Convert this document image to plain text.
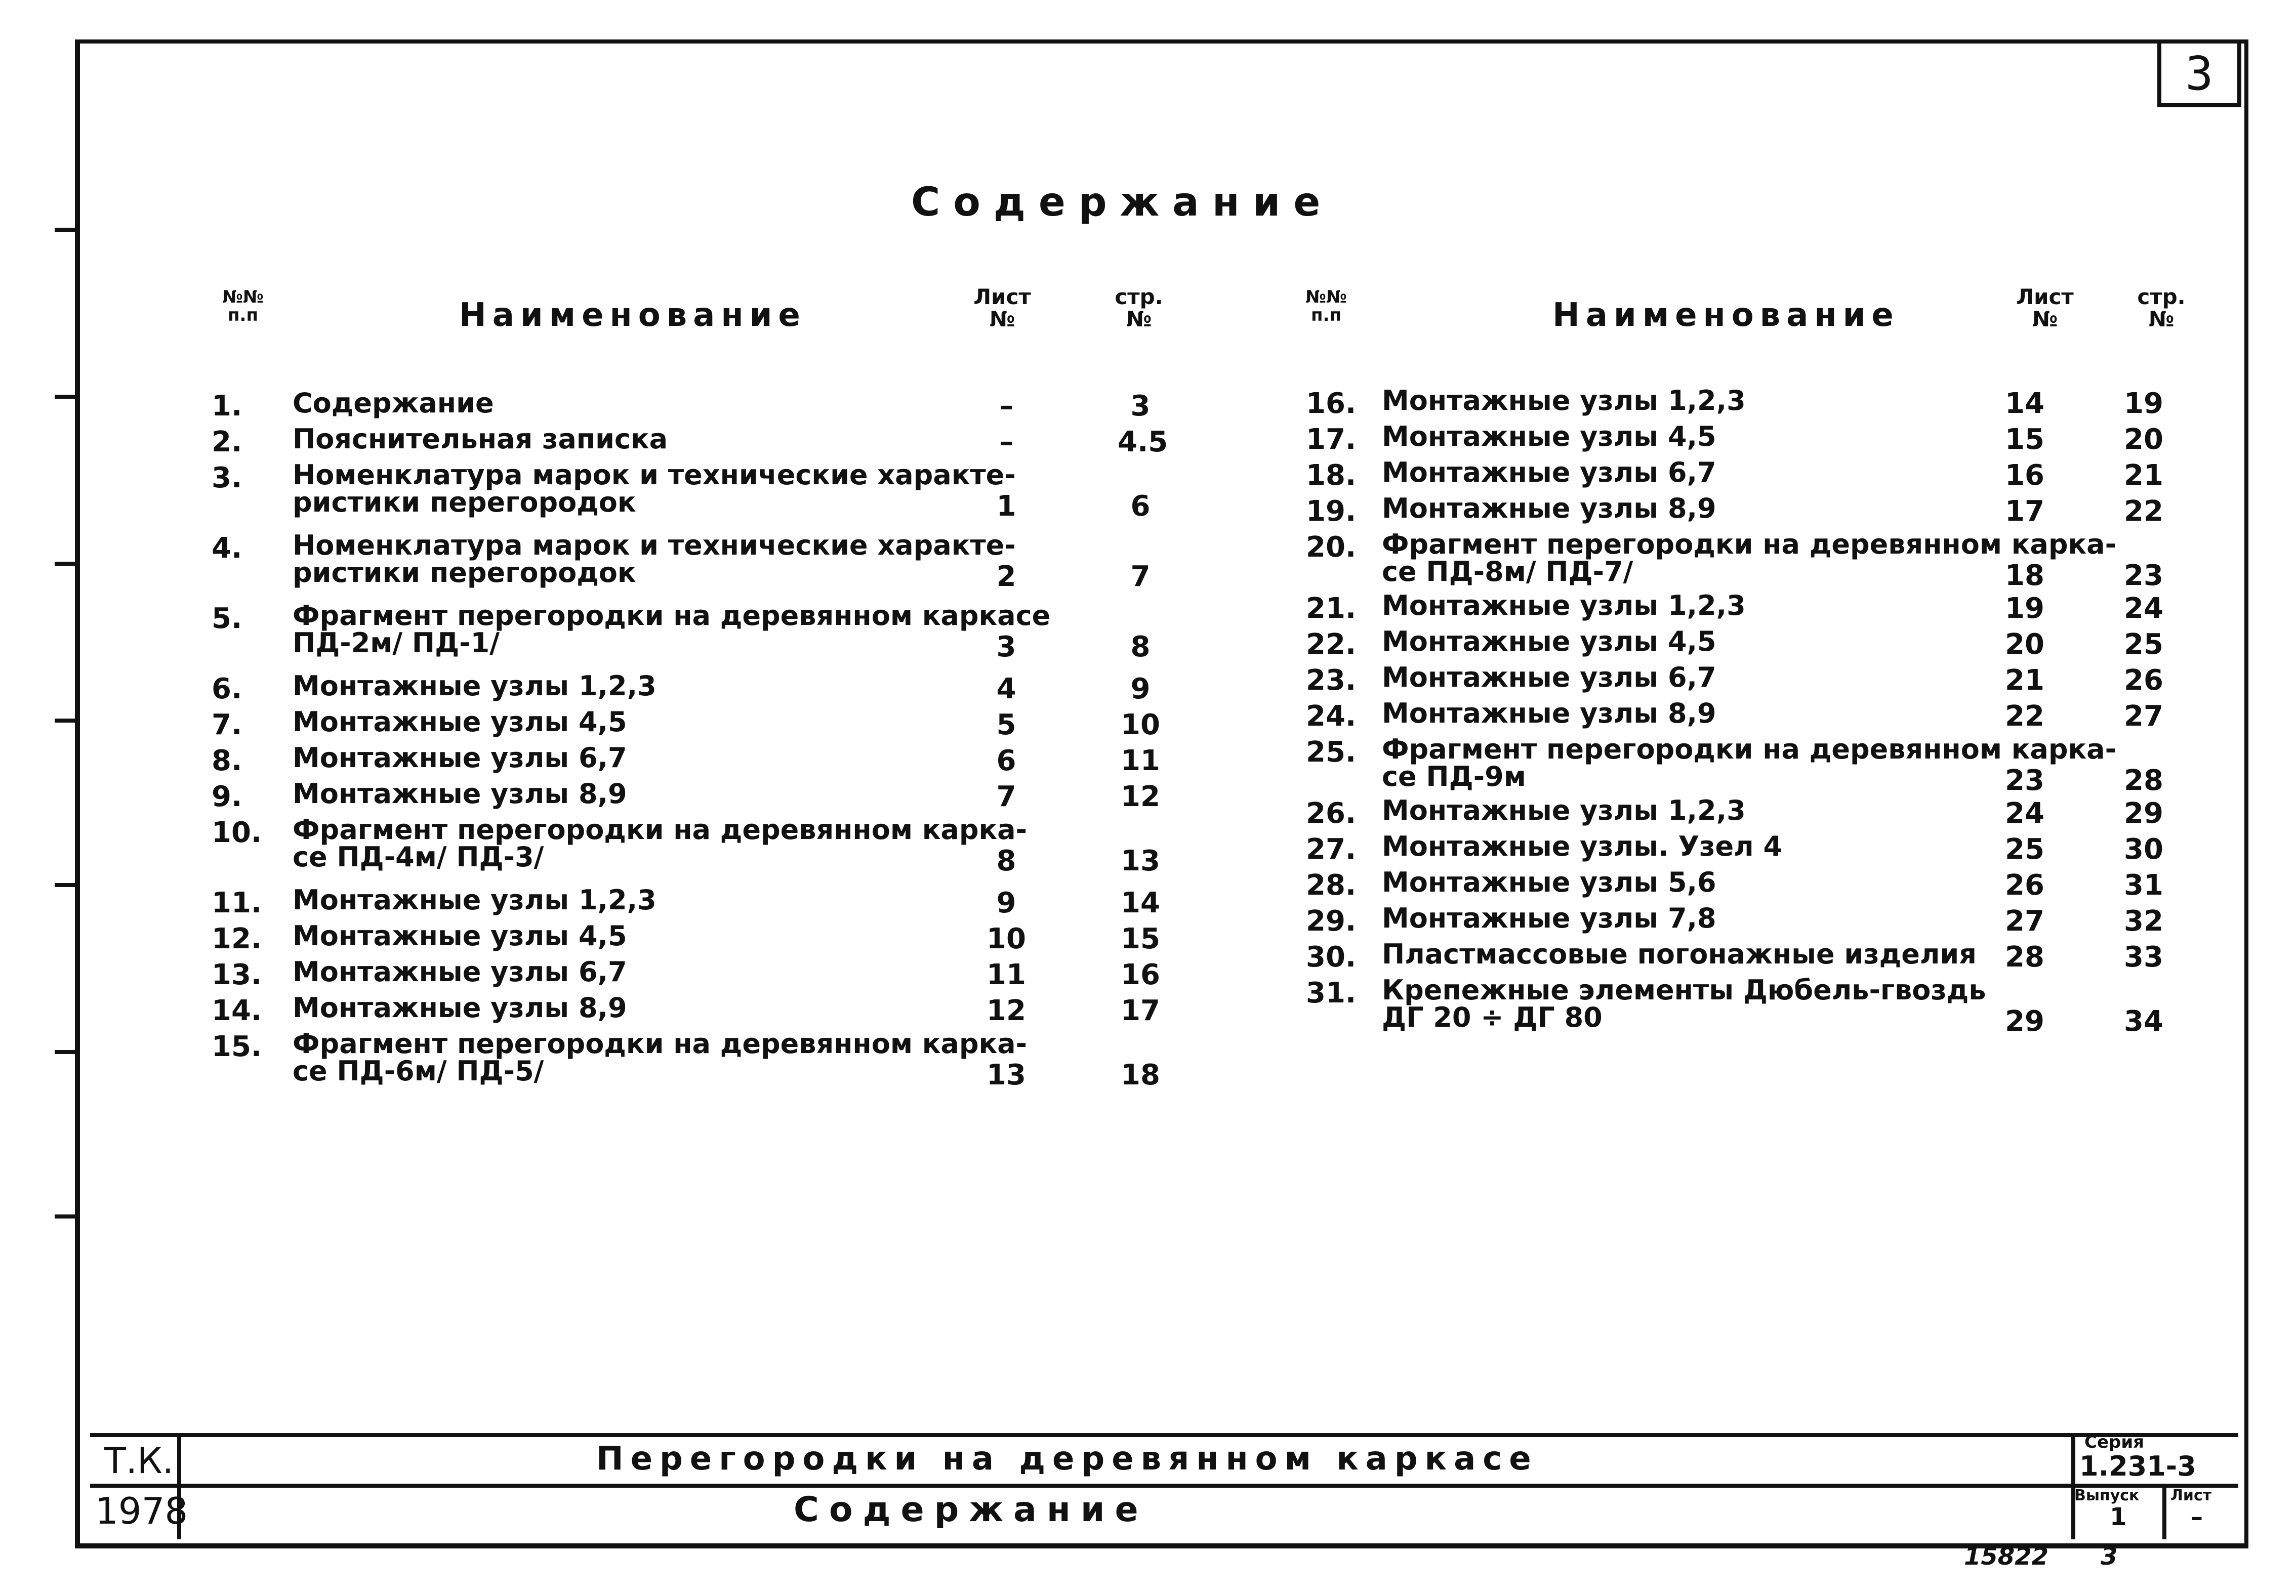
3
Содержание
№№ п.п	Наименование	Лист №
стр. №
№№ п.п	Наименование	Лист №
стр. №
1. Содержание	–	3
2. Пояснительная записка	–	4.5
3. Номенклатура марок и технические характе-
ристики перегородок	1	6
4. Номенклатура марок и технические характе-
ристики перегородок	2	7
5. Фрагмент перегородки на деревянном каркасе
ПД-2м/ ПД-1/	3	8
6. Монтажные узлы 1,2,3	4	9
7. Монтажные узлы 4,5	5	10
8. Монтажные узлы 6,7	6	11
9. Монтажные узлы 8,9	7	12
10. Фрагмент перегородки на деревянном карка-
се ПД-4м/ ПД-3/	8	13
11. Монтажные узлы 1,2,3	9	14
12. Монтажные узлы 4,5	10	15
13. Монтажные узлы 6,7	11	16
14. Монтажные узлы 8,9	12	17
15. Фрагмент перегородки на деревянном карка-
се ПД-6м/ ПД-5/	13	18
16. Монтажные узлы 1,2,3	14	19
17. Монтажные узлы 4,5	15	20
18. Монтажные узлы 6,7	16	21
19. Монтажные узлы 8,9	17	22
20. Фрагмент перегородки на деревянном карка-
се ПД-8м/ ПД-7/	18	23
21. Монтажные узлы 1,2,3	19	24
22. Монтажные узлы 4,5	20	25
23. Монтажные узлы 6,7	21	26
24. Монтажные узлы 8,9	22	27
25. Фрагмент перегородки на деревянном карка-
се ПД-9м	23	28
26. Монтажные узлы 1,2,3	24	29
27. Монтажные узлы. Узел 4	25	30
28. Монтажные узлы 5,6	26	31
29. Монтажные узлы 7,8	27	32
30. Пластмассовые погонажные изделия 28	33
31. Крепежные элементы Дюбель-гвоздь
ДГ 20 ÷ ДГ 80	29	34
Т.К.
1978
Перегородки на деревянном каркасе
Содержание
Серия
1.231-3
Выпуск
1
Лист
–
15822 3
